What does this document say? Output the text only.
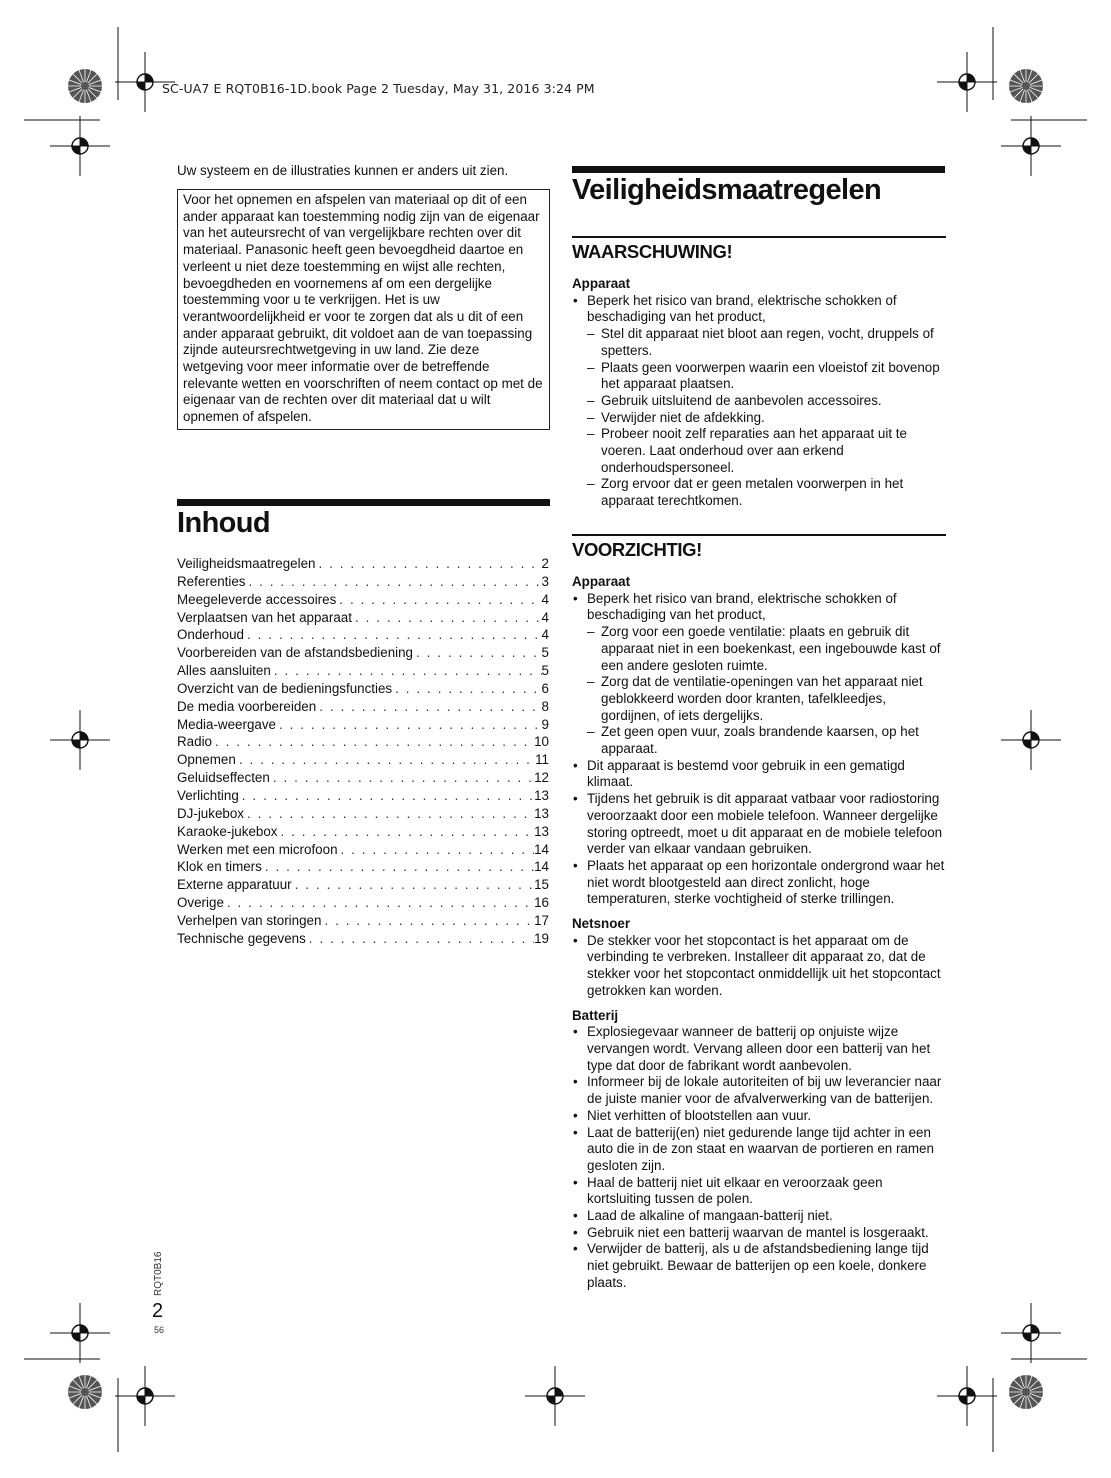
SC-UA7 E RQT0B16-1D.book Page 2 Tuesday, May 31, 2016 3:24 PM
Uw systeem en de illustraties kunnen er anders uit zien.
Voor het opnemen en afspelen van materiaal op dit of een ander apparaat kan toestemming nodig zijn van de eigenaar van het auteursrecht of van vergelijkbare rechten over dit materiaal. Panasonic heeft geen bevoegdheid daartoe en verleent u niet deze toestemming en wijst alle rechten, bevoegdheden en voornemens af om een dergelijke toestemming voor u te verkrijgen. Het is uw verantwoordelijkheid er voor te zorgen dat als u dit of een ander apparaat gebruikt, dit voldoet aan de van toepassing zijnde auteursrechtwetgeving in uw land. Zie deze wetgeving voor meer informatie over de betreffende relevante wetten en voorschriften of neem contact op met de eigenaar van de rechten over dit materiaal dat u wilt opnemen of afspelen.
Inhoud
Veiligheidsmaatregelen . . .	2
Referenties . . .	3
Meegeleverde accessoires . . .	4
Verplaatsen van het apparaat . . .	4
Onderhoud . . .	4
Voorbereiden van de afstandsbediening . . .	5
Alles aansluiten . . .	5
Overzicht van de bedieningsfuncties . . .	6
De media voorbereiden . . .	8
Media-weergave . . .	9
Radio . . .	10
Opnemen . . .	11
Geluidseffecten . . .	12
Verlichting . . .	13
DJ-jukebox . . .	13
Karaoke-jukebox . . .	13
Werken met een microfoon . . .	14
Klok en timers . . .	14
Externe apparatuur . . .	15
Overige . . .	16
Verhelpen van storingen . . .	17
Technische gegevens . . .	19
Veiligheidsmaatregelen
WAARSCHUWING!

Apparaat

• Beperk het risico van brand, elektrische schokken of beschadiging van het product,
– Stel dit apparaat niet bloot aan regen, vocht, druppels of spetters.
– Plaats geen voorwerpen waarin een vloeistof zit bovenop het apparaat plaatsen.
– Gebruik uitsluitend de aanbevolen accessoires.
– Verwijder niet de afdekking.
– Probeer nooit zelf reparaties aan het apparaat uit te voeren. Laat onderhoud over aan erkend onderhoudspersoneel.
– Zorg ervoor dat er geen metalen voorwerpen in het apparaat terechtkomen.
VOORZICHTIG!

Apparaat

• Beperk het risico van brand, elektrische schokken of beschadiging van het product,
– Zorg voor een goede ventilatie: plaats en gebruik dit apparaat niet in een boekenkast, een ingebouwde kast of een andere gesloten ruimte.
– Zorg dat de ventilatie-openingen van het apparaat niet geblokkeerd worden door kranten, tafelkleedjes, gordijnen, of iets dergelijks.
– Zet geen open vuur, zoals brandende kaarsen, op het apparaat.
• Dit apparaat is bestemd voor gebruik in een gematigd klimaat.
• Tijdens het gebruik is dit apparaat vatbaar voor radiostoring veroorzaakt door een mobiele telefoon. Wanneer dergelijke storing optreedt, moet u dit apparaat en de mobiele telefoon verder van elkaar vandaan gebruiken.
• Plaats het apparaat op een horizontale ondergrond waar het niet wordt blootgesteld aan direct zonlicht, hoge temperaturen, sterke vochtigheid of sterke trillingen.

Netsnoer

• De stekker voor het stopcontact is het apparaat om de verbinding te verbreken. Installeer dit apparaat zo, dat de stekker voor het stopcontact onmiddellijk uit het stopcontact getrokken kan worden.

Batterij

• Explosiegevaar wanneer de batterij op onjuiste wijze vervangen wordt. Vervang alleen door een batterij van het type dat door de fabrikant wordt aanbevolen.
• Informeer bij de lokale autoriteiten of bij uw leverancier naar de juiste manier voor de afvalverwerking van de batterijen.
• Niet verhitten of blootstellen aan vuur.
• Laat de batterij(en) niet gedurende lange tijd achter in een auto die in de zon staat en waarvan de portieren en ramen gesloten zijn.
• Haal de batterij niet uit elkaar en veroorzaak geen kortsluiting tussen de polen.
• Laad de alkaline of mangaan-batterij niet.
• Gebruik niet een batterij waarvan de mantel is losgeraakt.
• Verwijder de batterij, als u de afstandsbediening lange tijd niet gebruikt. Bewaar de batterijen op een koele, donkere plaats.
RQT0B16
2
56
